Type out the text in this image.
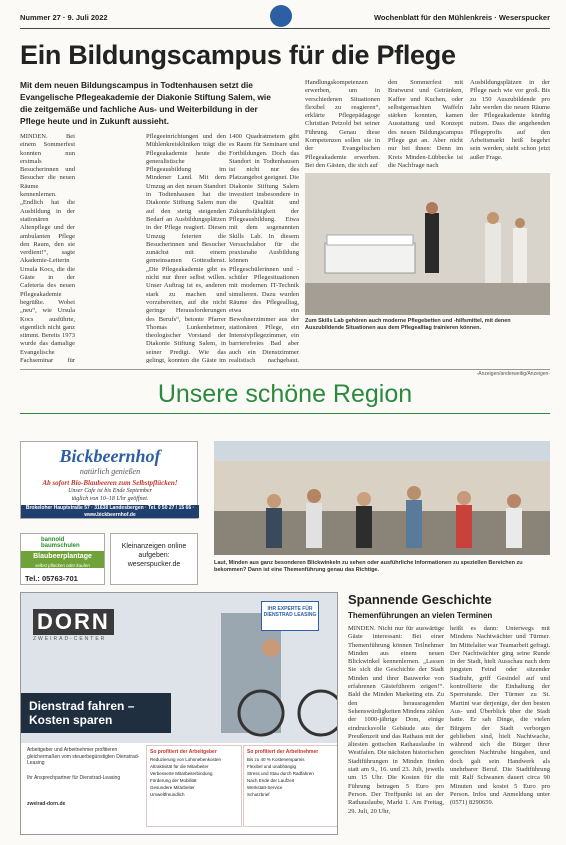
Nummer 27 · 9. Juli 2022	Wochenblatt für den Mühlenkreis · Weserspucker
Ein Bildungscampus für die Pflege
Mit dem neuen Bildungscampus in Todtenhausen setzt die Evangelische Pflegeakademie der Diakonie Stiftung Salem, wie die zeitgemäße und fachliche Aus- und Weiterbildung in der Pflege heute und in Zukunft aussieht.
MINDEN. Bei einem Sommerfest konnten nun erstmals Besucherinnen und Besucher die neuen Räume kennenlernen. „Endlich hat die Ausbildung in der stationären Altenpflege und der ambulanten Pflege den Raum, den sie verdient!“, sagte Akademie-Leiterin Ursula Kocs, die die Gäste in der Cafeteria des neuen Pflegeakademie begrüßte. Wobei „neu“, wie Ursula Kocs ausführte, eigentlich nicht ganz stimmt. Bereits 1973 wurde das damalige Evangelische Fachseminar für
Pflegeeinrichtungen und den Mühlenkreiskliniken trägt die Pflegeakademie heute die generalistische Pflegeausbildung im Mindener Land. Mit dem Umzug an den neuen Standort in Todtenhausen hat die Diakonie Stiftung Salem nun auf den stetig steigenden Bedarf an Ausbildungsplätzen in der Pflege reagiert. Diesen Umzug feierten die Besucherinnen und Besucher zunächst mit einem gemeinsamen Gottesdienst. „Die Pflegeakademie gibt es nicht nur ihrer selbst willen. Unser Auftrag ist es, anderen stark zu machen und vorzubereiten, auf die nicht geringe Herausforderungen des Berufs“, betonte Pfarrer Thomas Lunkenheimer, theologischer Vorstand der Diakonie Stiftung Salem, in seiner Predigt. Wie das gelingt, konnten die Gäste im
1400 Quadratmetern gibt es Raum für Seminare und Fortbildungen. Doch das Standort in Todtenhausen ist nicht nur des Platzangebot geeignet. Die Diakonie Stiftung Salem investiert insbesondere in die Qualität und Zukunftsfähigkeit der Pflegeausbildung. Etwa mit dem sogenannten Skills Lab. In diesem Versuchslabor für die praxisnahe Ausbildung können Pflegeschülerinnen und -schüler Pflegesituationen mit modernen IT-Technik simulieren. Dazu wurden Räume des Pflegealltag, etwa ein Bewohnerzimmer aus der stationären Pflege, ein Intensivpflegezimmer, ein barrierefreies Bad aber auch ein Dienstzimmer realistisch nachgebaut.
Handlungskompetenzen erwerben, um in verschiedenen Situationen flexibel zu reagieren“, erklärte Pflegepädagoge Christian Petzold bei seiner Führung. Genau diese Kompetenzen sollen sie in der Evangelischen Pflegeakademie erwerben. Bei den Gästen, die sich auf
den Sommerfest mit Bratwurst und Getränken, Kaffee und Kuchen, oder selbstgemachten Waffeln stärken konnten, kamen Ausstattung und Konzept des neuen Bildungscampus Pflege gut an. Aber nicht nur bei ihnen: Denn im Kreis Minden-Lübbecke ist die Nachfrage nach
Ausbildungsplätzen in der Pflege nach wie vor groß. Bis zu 150 Auszubildende pro Jahr werden die neuen Räume der Pflegeakademie künftig nutzen. Dass die angehenden Pflegeprofis auf den Arbeitsmarkt heiß begehrt sein werden, steht schon jetzt außer Frage.
Zum Skills Lab gehören auch moderne Pflegebetten und -hilfsmittel, mit denen Auszubildende Situationen aus dem Pflegealltag trainieren können.
-Anzeigen/anderweitig/Anzeigen-
Unsere schöne Region
Bickbeernhof
natürlich genießen
Ab sofort Bio-Blaubeeren zum Selbstpflücken!
Unser Cafe ist bis Ende September
täglich von 10–18 Uhr geöffnet.
Brokeloher Hauptstraße 57 · 31638 Landesbergen · Tel. 0 50 27 / 15 66 · www.bickbeernhof.de
bannold baumschulen
Blaubeerplantage
selbst pflücken oder kaufen
Tel.: 05763-701
Kleinanzeigen online aufgeben: weserspucker.de	Laut, Minden aus ganz besonderen Blickwinkeln zu sehen oder ausführliche Informationen zu speziellen Bereichen zu bekommen? Dann ist eine Themenführung genau das Richtige.
DORN
ZWEIRAD-CENTER
IHR EXPERTE FÜR DIENSTRAD LEASING
Dienstrad fahren – Kosten sparen
Arbeitgeber und Arbeitnehmer profitieren gleichermaßen vom steuerbegünstigten Dienstrad-Leasing
Ihr Ansprechpartner für Dienstrad-Leasing
zweirad-dorn.de
So profitiert der Arbeitgeber
Reduzierung von Lohnnebenkosten
Attraktivität für die Mitarbeiter
Verbesserte Mitarbeiterbindung
Förderung der Mobilität
Gesundere Mitarbeiter
Umweltfreundlich
So profitiert der Arbeitnehmer
Bis zu 40 % Kostenersparnis
Flexibel und unabhängig
Stress und Stau durch Radfahren
Nach Ende der Laufzeit
Werkstatt-Service
Schutzbrief
Spannende Geschichte
Themenführungen an vielen Terminen
MINDEN. Nicht nur für auswärtige Gäste interessant: Bei einer Themenführung können Teilnehmer Minden aus einem neuen Blickwinkel kennenlernen. „Lassen Sie sich die Geschichte der Stadt Minden und ihrer Bauwerke von erfahrenen Gästeführern zeigen!“. Bald die Minden Marketing ein. Zu den herausragenden Sehenswürdigkeiten Mindens zählen der 1000-jährige Dom, einige eindrucksvolle Gebäude aus der Preußenzeit und das Rathaus mit der ältesten gotischen Rathauslaube in Westfalen. Die nächsten historischen Stadtführungen in Minden finden statt am 9., 16. und 23. Juli, jeweils um 15 Uhr. Die Kosten für die Führung betragen 5 Euro pro Person. Der Treffpunkt ist an der Rathauslaube, Markt 1. Am Freitag, 29. Juli, 20 Uhr,
heißt es dann: Unterwegs mit Mindens Nachtwächter und Türmer. Im Mittelalter war Teamarbeit gefragt. Der Nachtwächter ging seine Runde in der Stadt, hielt Ausschau nach dem jungsten Feind oder sitzender Stadtuhr, griff Gesindel auf und kontrollierte die Einhaltung der Sperrstunde. Der Türmer zu St. Martini war derjenige, der den besten Aus- und Überblick über die Stadt hatte. Er sah Dinge, die vielen Bürgern der Stadt verborgen geblieben sind, hielt Nachtwache, während sich die Bürger ihrer gerechten Nachtruhe hingaben, und doch galt sein Handwerk als unehrbarer Beruf. Die Stadtführung mit Ralf Schwanen dauert circa 90 Minuten und kostet 5 Euro pro Person. Infos und Anmeldung unter (0571) 8290659.
